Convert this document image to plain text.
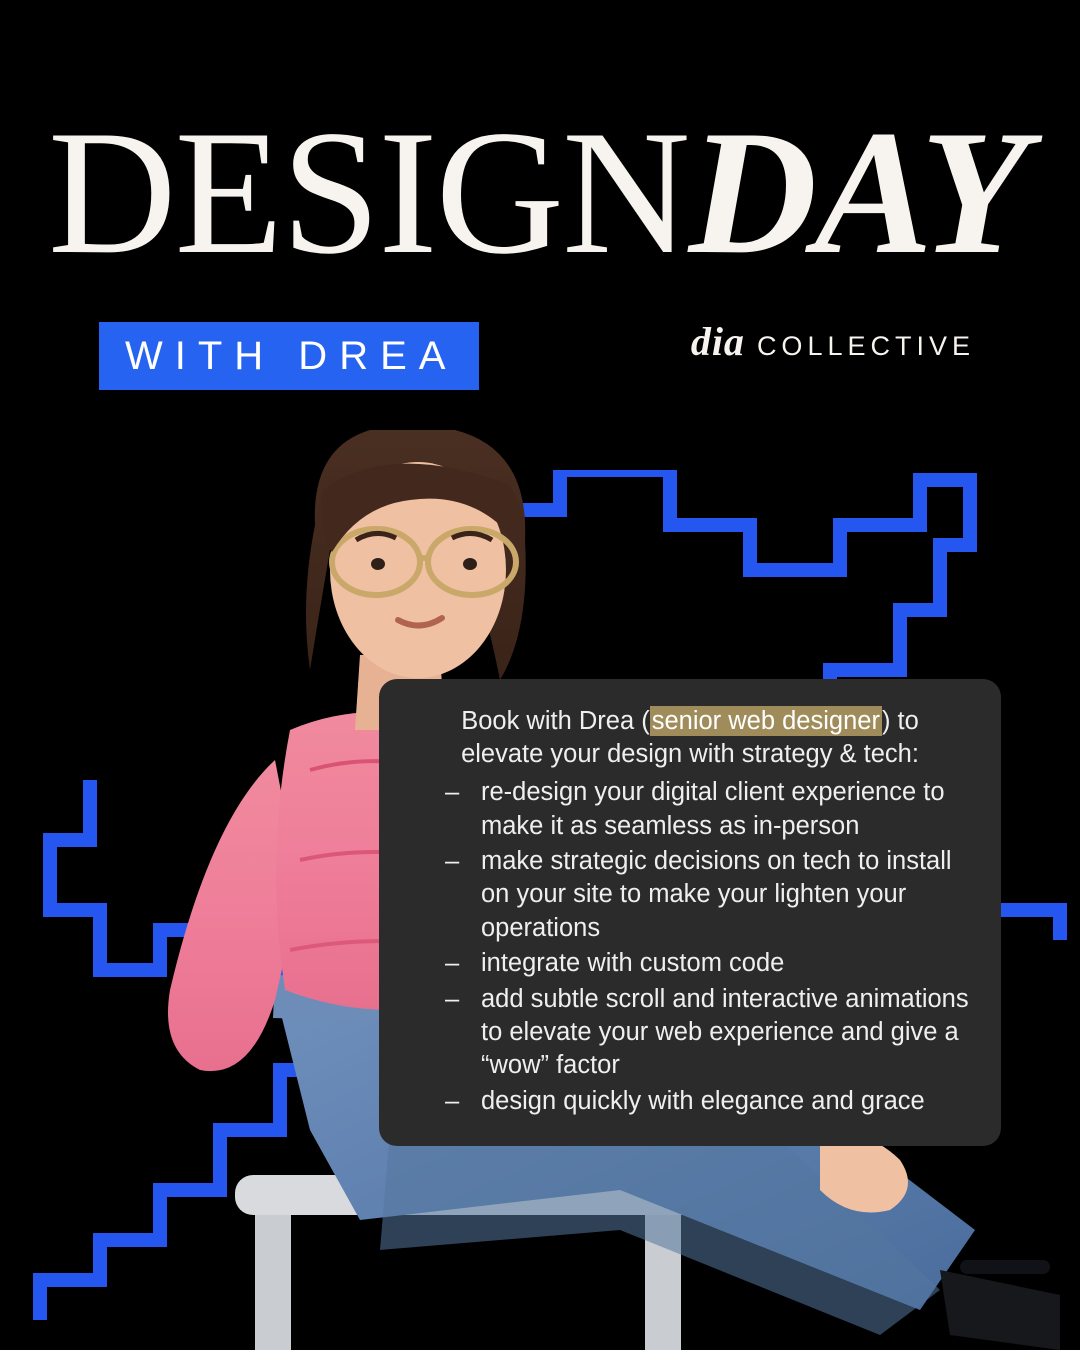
DESIGNDAY
WITH DREA	dia COLLECTIVE

Book with Drea (senior web designer) to
elevate your design with strategy & tech:

– re-design your digital client experience to make it as seamless as in-person
– make strategic decisions on tech to install on your site to make your lighten your operations
– integrate with custom code
– add subtle scroll and interactive animations to elevate your web experience and give a “wow” factor
– design quickly with elegance and grace
